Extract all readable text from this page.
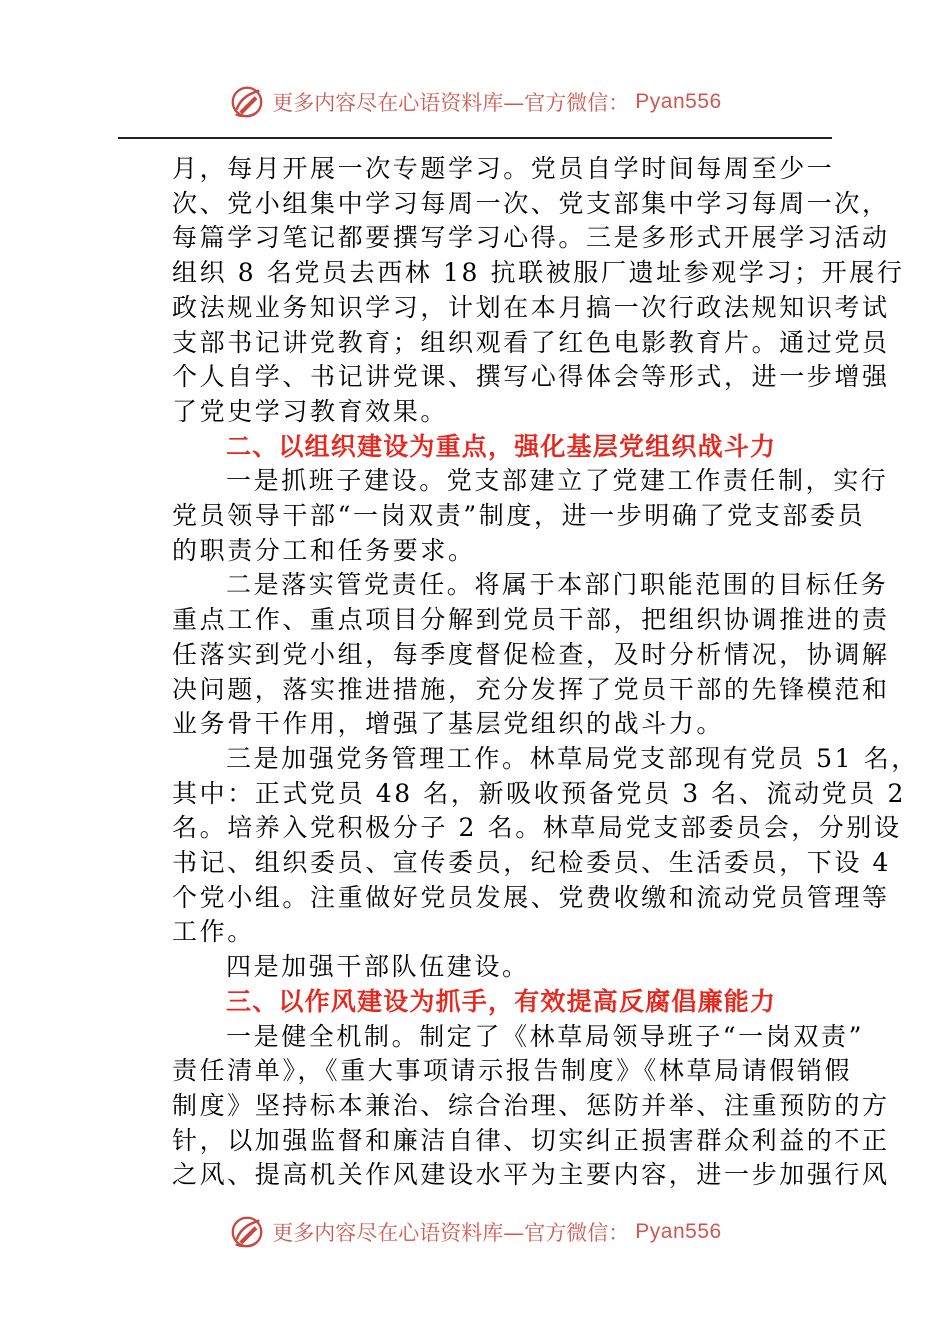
更多内容尽在心语资料库—官方微信： Pyan556

月，每月开展一次专题学习。党员自学时间每周至少一
次、党小组集中学习每周一次、党支部集中学习每周一次，
每篇学习笔记都要撰写学习心得。三是多形式开展学习活动
组织 8 名党员去西林 18 抗联被服厂遗址参观学习；开展行
政法规业务知识学习，计划在本月搞一次行政法规知识考试
支部书记讲党教育；组织观看了红色电影教育片。通过党员
个人自学、书记讲党课、撰写心得体会等形式，进一步增强
了党史学习教育效果。

二、以组织建设为重点，强化基层党组织战斗力

一是抓班子建设。党支部建立了党建工作责任制，实行
党员领导干部“一岗双责”制度，进一步明确了党支部委员
的职责分工和任务要求。

二是落实管党责任。将属于本部门职能范围的目标任务
重点工作、重点项目分解到党员干部，把组织协调推进的责
任落实到党小组，每季度督促检查，及时分析情况，协调解
决问题，落实推进措施，充分发挥了党员干部的先锋模范和
业务骨干作用，增强了基层党组织的战斗力。

三是加强党务管理工作。林草局党支部现有党员 51 名，
其中：正式党员 48 名，新吸收预备党员 3 名、流动党员 2
名。培养入党积极分子 2 名。林草局党支部委员会，分别设
书记、组织委员、宣传委员，纪检委员、生活委员，下设 4
个党小组。注重做好党员发展、党费收缴和流动党员管理等
工作。

四是加强干部队伍建设。

三、以作风建设为抓手，有效提高反腐倡廉能力

一是健全机制。制定了《林草局领导班子“一岗双责”
责任清单》，《重大事项请示报告制度》《林草局请假销假
制度》坚持标本兼治、综合治理、惩防并举、注重预防的方
针，以加强监督和廉洁自律、切实纠正损害群众利益的不正
之风、提高机关作风建设水平为主要内容，进一步加强行风

更多内容尽在心语资料库—官方微信： Pyan556
